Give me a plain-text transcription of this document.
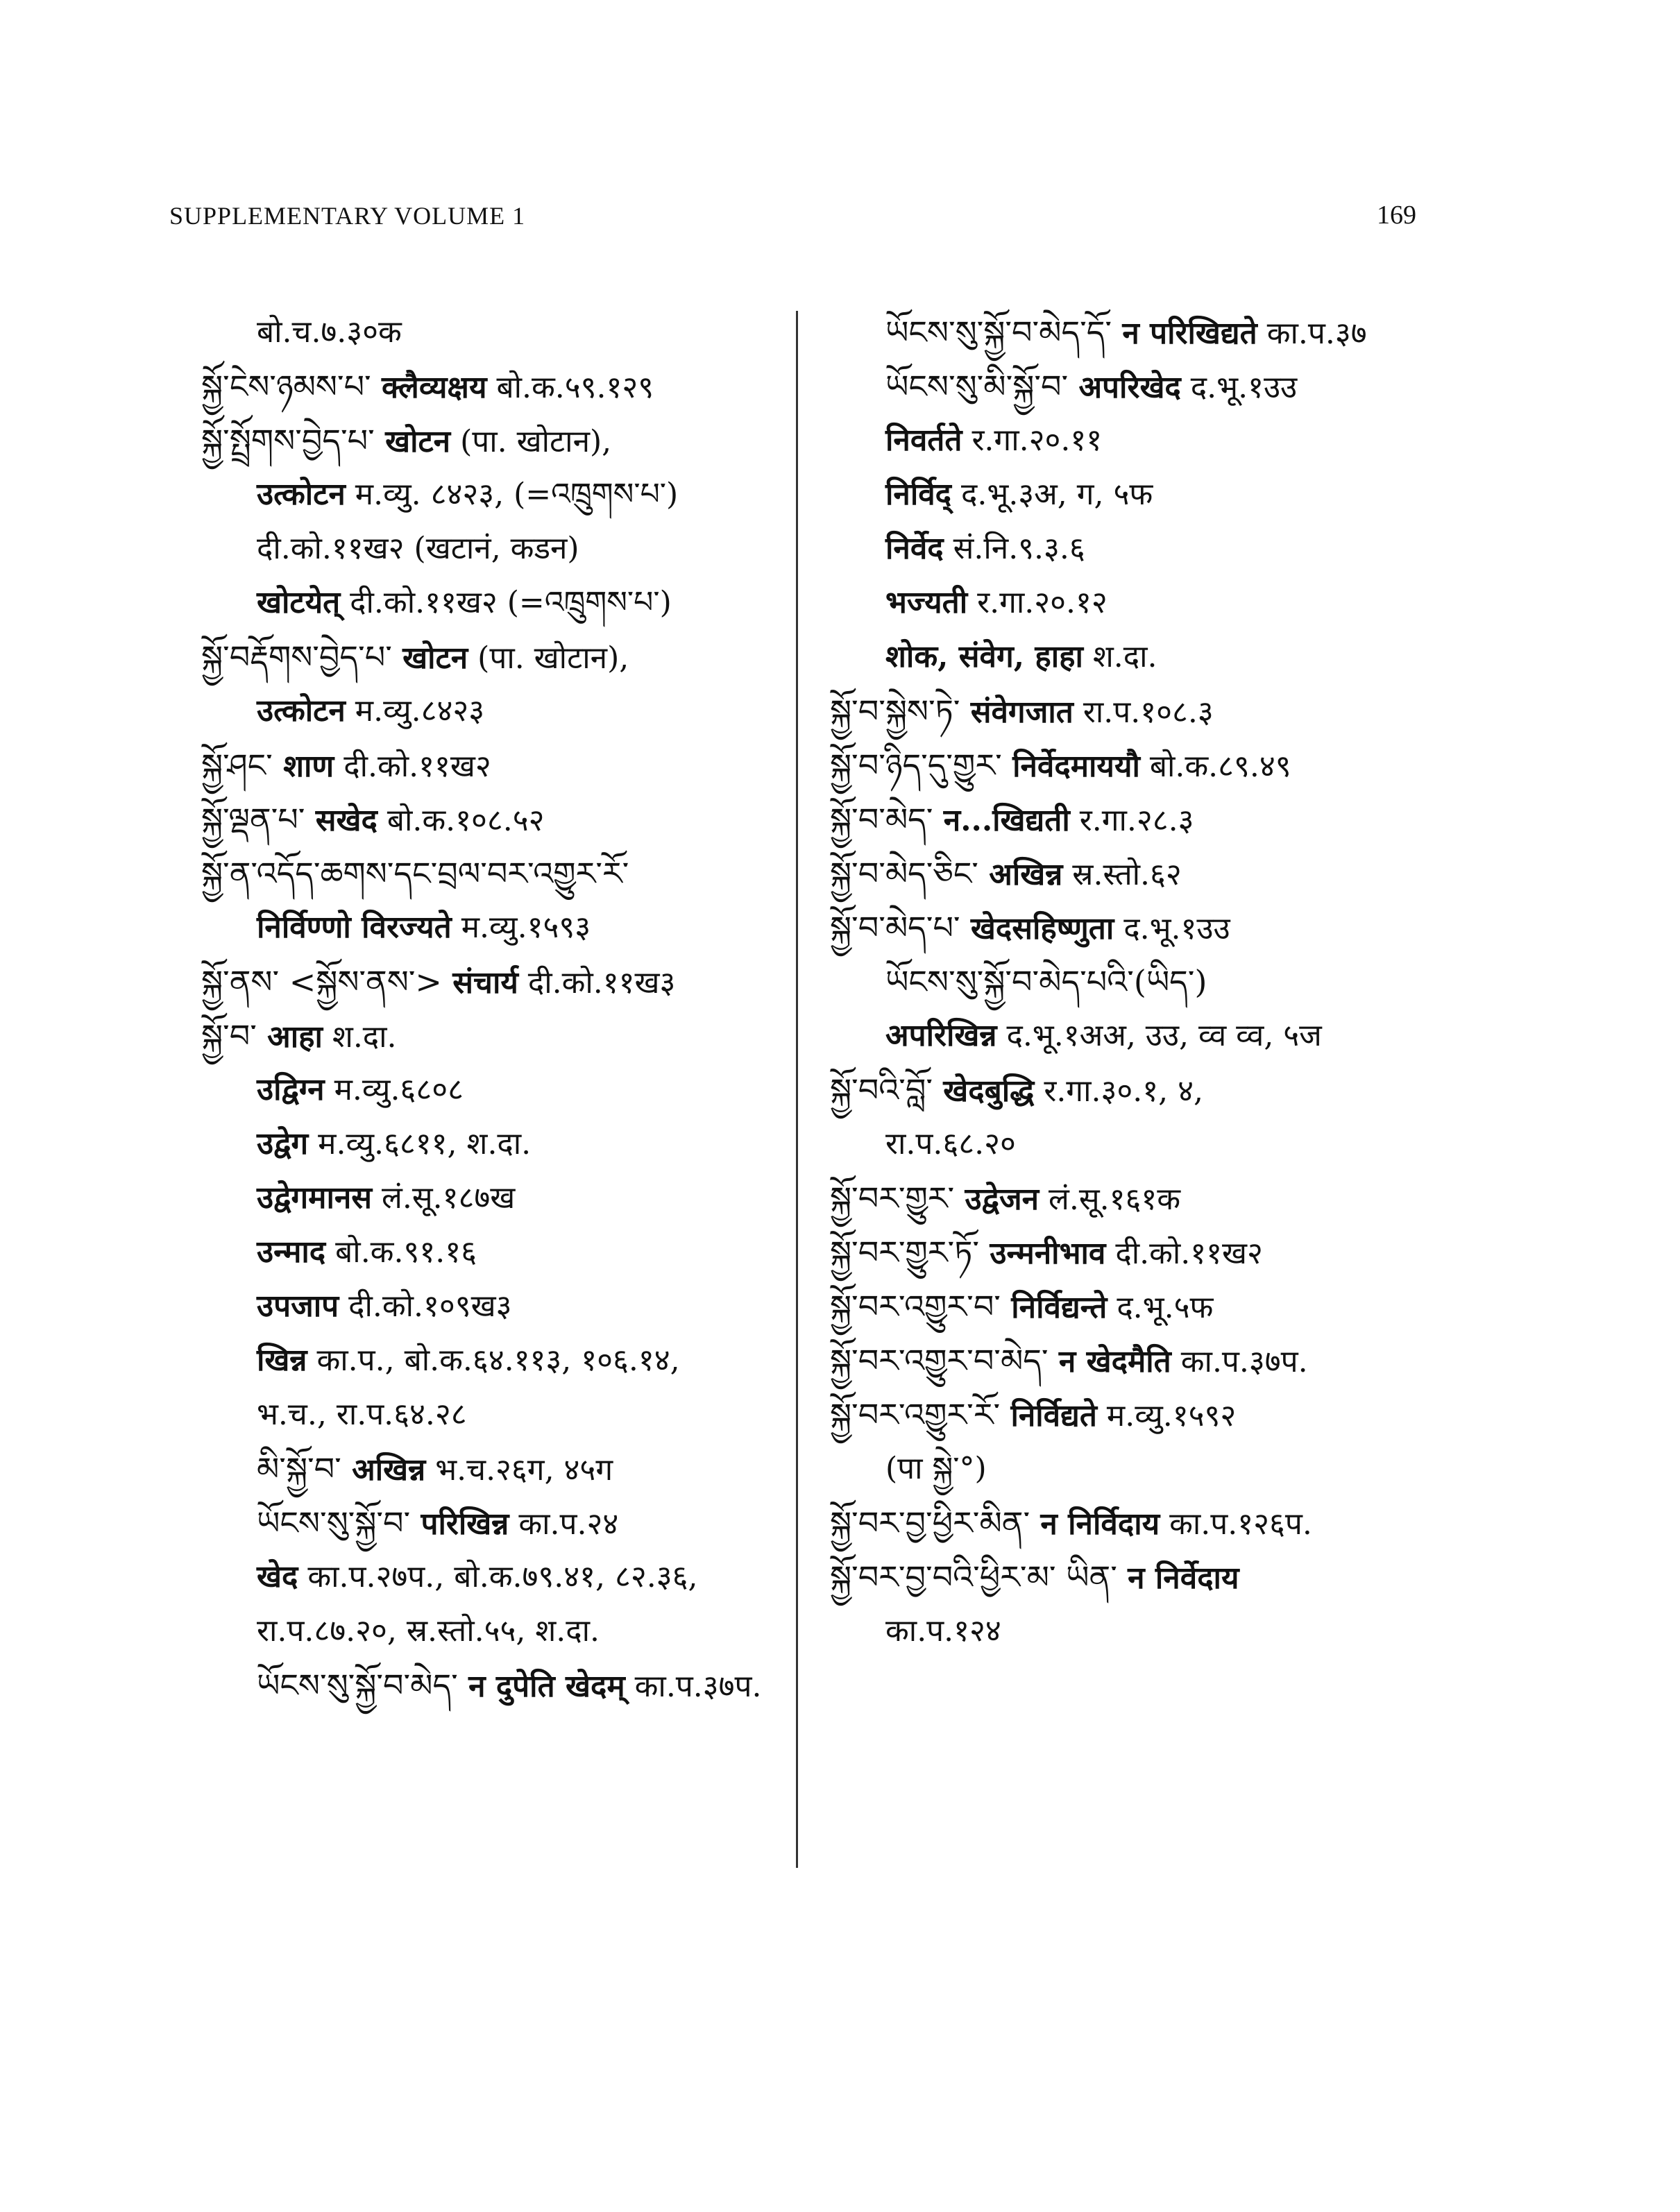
SUPPLEMENTARY VOLUME 1	169
बो.च.७.३०क
སྐྱོ་ངེས་ཉམས་པ་ क्लैव्यक्षय बो.क.५९.१२९
སྐྱོ་སྤྲོགས་བྱེད་པ་ खोटन (पा. खोटान),
उत्कोटन म.व्यु. ८४२३, (=འཁྲུགས་པ་)
दी.को.११ख२ (खटानं, कडन)
खोटयेत् दी.को.११ख२ (=འཁྲུགས་པ་)
སྐྱོ་བརྡོགས་བྱེད་པ་ खोटन (पा. खोटान),
उत्कोटन म.व्यु.८४२३
སྐྱོ་ཤང་ शाण दी.को.११ख२
སྐྱོ་ལྡན་པ་ सखेद बो.क.१०८.५२
སྐྱོ་ན་འདོད་ཆགས་དང་བྲལ་བར་འགྱུར་རོ་
निर्विण्णो विरज्यते म.व्यु.१५९३
སྐྱོ་ནས་ <སྐྱོས་ནས་> संचार्य दी.को.११ख३
སྐྱོ་བ་ आहा श.दा.
उद्विग्न म.व्यु.६८०८
उद्वेग म.व्यु.६८११, श.दा.
उद्वेगमानस लं.सू.१८७ख
उन्माद बो.क.९१.१६
उपजाप दी.को.१०९ख३
खिन्न का.प., बो.क.६४.११३, १०६.१४,
भ.च., रा.प.६४.२८
མི་སྐྱོ་བ་ अखिन्न भ.च.२६ग, ४५ग
ཡོངས་སུ་སྐྱོ་བ་ परिखिन्न का.प.२४
खेद का.प.२७प., बो.क.७९.४१, ८२.३६,
रा.प.८७.२०, स्र.स्तो.५५, श.दा.
ཡོངས་སུ་སྐྱོ་བ་མེད་ न दुपेति खेदम् का.प.३७प.
ཡོངས་སུ་སྐྱོ་བ་མེད་དོ་ न परिखिद्यते का.प.३७
ཡོངས་སུ་མི་སྐྱོ་བ་ अपरिखेद द.भू.१उउ
निवर्तते र.गा.२०.११
निर्विद् द.भू.३अ, ग, ५फ
निर्वेद सं.नि.९.३.६
भज्यती र.गा.२०.१२
शोक, संवेग, हाहा श.दा.
སྐྱོ་བ་སྐྱེས་ཏེ་ संवेगजात रा.प.१०८.३
སྐྱོ་བ་ཉིད་དུ་གྱུར་ निर्वेदमाययौ बो.क.८९.४९
སྐྱོ་བ་མེད་ न...खिद्यती र.गा.२८.३
སྐྱོ་བ་མེད་ཅིང་ अखिन्न स्र.स्तो.६२
སྐྱོ་བ་མེད་པ་ खेदसहिष्णुता द.भू.१उउ
ཡོངས་སུ་སྐྱོ་བ་མེད་པའི་(ཡིད་)
अपरिखिन्न द.भू.१अअ, उउ, व्व व्व, ५ज
སྐྱོ་བའི་བློ་ खेदबुद्धि र.गा.३०.१, ४,
रा.प.६८.२०
སྐྱོ་བར་གྱུར་ उद्वेजन लं.सू.१६१क
སྐྱོ་བར་གྱུར་ཏོ་ उन्मनीभाव दी.को.११ख२
སྐྱོ་བར་འགྱུར་བ་ निर्विद्यन्ते द.भू.५फ
སྐྱོ་བར་འགྱུར་བ་མེད་ न खेदमैति का.प.३७प.
སྐྱོ་བར་འགྱུར་རོ་ निर्विद्यते म.व्यु.१५९२
(पा སྐྱེ་°)
སྐྱོ་བར་བྱ་ཕྱིར་མིན་ न निर्विदाय का.प.१२६प.
སྐྱོ་བར་བྱ་བའི་ཕྱིར་མ་ ཡིན་ न निर्वेदाय
का.प.१२४
